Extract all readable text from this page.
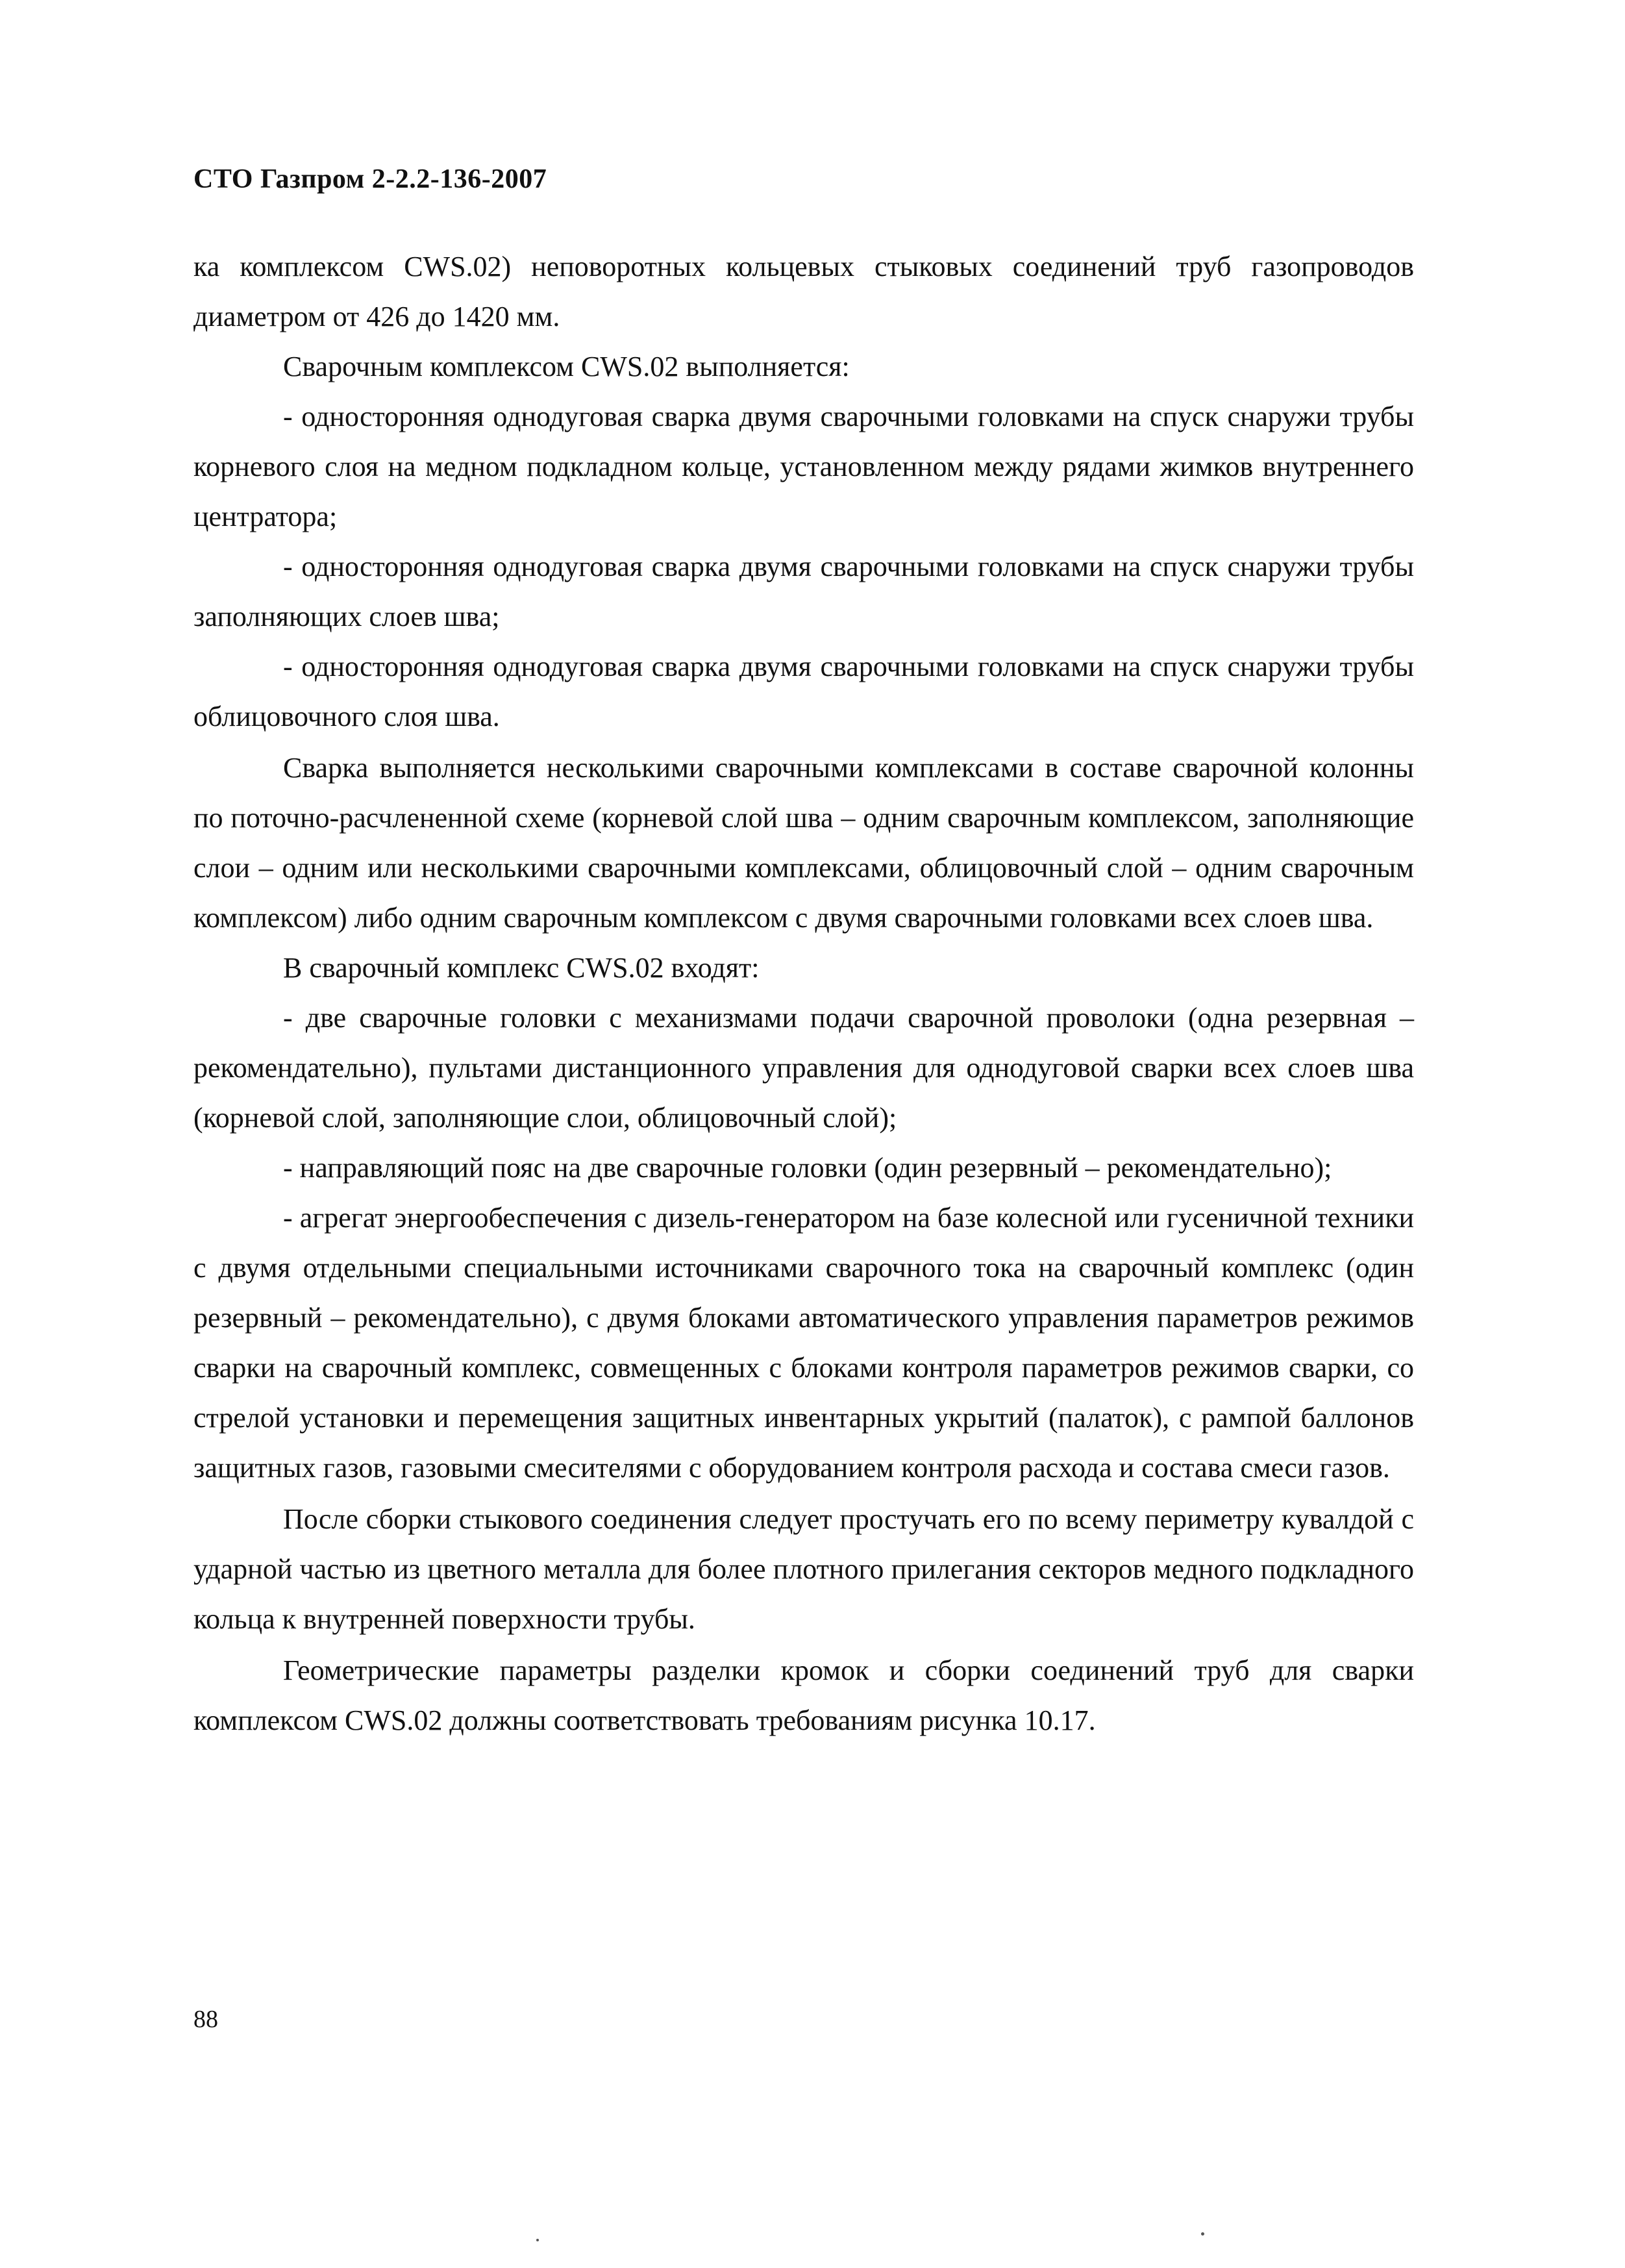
СТО Газпром 2-2.2-136-2007

ка комплексом CWS.02) неповоротных кольцевых стыковых соединений труб газопроводов диаметром от 426 до 1420 мм.

Сварочным комплексом CWS.02 выполняется:

- односторонняя однодуговая сварка двумя сварочными головками на спуск снаружи трубы корневого слоя на медном подкладном кольце, установленном между рядами жимков внутреннего центратора;

- односторонняя однодуговая сварка двумя сварочными головками на спуск снаружи трубы заполняющих слоев шва;

- односторонняя однодуговая сварка двумя сварочными головками на спуск снаружи трубы облицовочного слоя шва.

Сварка выполняется несколькими сварочными комплексами в составе сварочной колонны по поточно-расчлененной схеме (корневой слой шва – одним сварочным комплексом, заполняющие слои – одним или несколькими сварочными комплексами, облицовочный слой – одним сварочным комплексом) либо одним сварочным комплексом с двумя сварочными головками всех слоев шва.

В сварочный комплекс CWS.02 входят:

- две сварочные головки с механизмами подачи сварочной проволоки (одна резервная – рекомендательно), пультами дистанционного управления для однодуговой сварки всех слоев шва (корневой слой, заполняющие слои, облицовочный слой);

- направляющий пояс на две сварочные головки (один резервный – рекомендательно);

- агрегат энергообеспечения с дизель-генератором на базе колесной или гусеничной техники с двумя отдельными специальными источниками сварочного тока на сварочный комплекс (один резервный – рекомендательно), с двумя блоками автоматического управления параметров режимов сварки на сварочный комплекс, совмещенных с блоками контроля параметров режимов сварки, со стрелой установки и перемещения защитных инвентарных укрытий (палаток), с рампой баллонов защитных газов, газовыми смесителями с оборудованием контроля расхода и состава смеси газов.

После сборки стыкового соединения следует простучать его по всему периметру кувалдой с ударной частью из цветного металла для более плотного прилегания секторов медного подкладного кольца к внутренней поверхности трубы.

Геометрические параметры разделки кромок и сборки соединений труб для сварки комплексом CWS.02 должны соответствовать требованиям рисунка 10.17.

88
